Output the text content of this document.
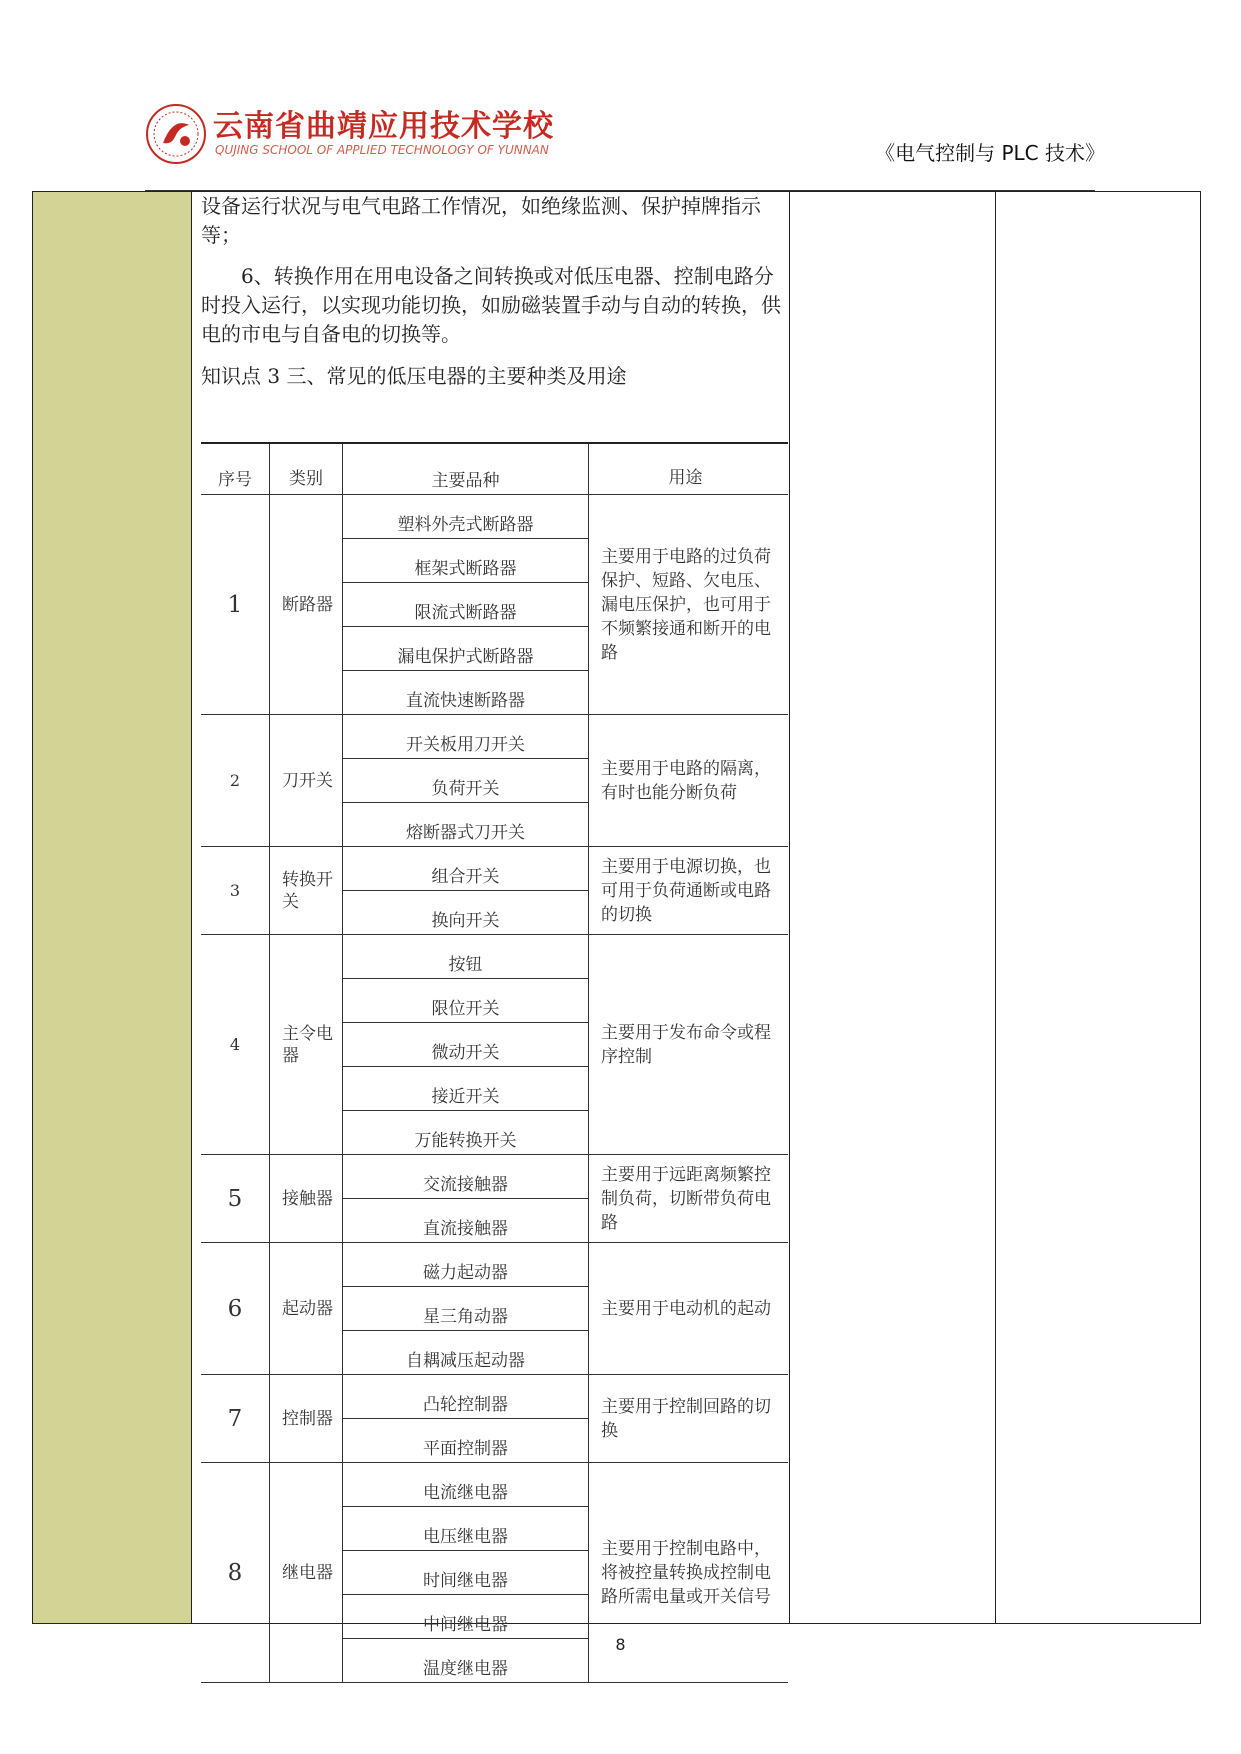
云南省曲靖应用技术学校
QUJING SCHOOL OF APPLIED TECHNOLOGY OF YUNNAN	《电气控制与 PLC 技术》

设备运行状况与电气电路工作情况，如绝缘监测、保护掉牌指示等；

6、转换作用在用电设备之间转换或对低压电器、控制电路分时投入运行，以实现功能切换，如励磁装置手动与自动的转换，供电的市电与自备电的切换等。

知识点 3 三、常见的低压电器的主要种类及用途

序号	类别	主要品种	用途
1	断路器	塑料外壳式断路器	主要用于电路的过负荷保护、短路、欠电压、漏电压保护，也可用于不频繁接通和断开的电路
		框架式断路器	
		限流式断路器	
		漏电保护式断路器	
		直流快速断路器	
2	刀开关	开关板用刀开关	主要用于电路的隔离，有时也能分断负荷
		负荷开关	
		熔断器式刀开关	
3	转换开关	组合开关	主要用于电源切换，也可用于负荷通断或电路的切换
		换向开关	
4	主令电器	按钮	主要用于发布命令或程序控制
		限位开关	
		微动开关	
		接近开关	
		万能转换开关	
5	接触器	交流接触器	主要用于远距离频繁控制负荷，切断带负荷电路
		直流接触器	
6	起动器	磁力起动器	主要用于电动机的起动
		星三角动器	
		自耦减压起动器	
7	控制器	凸轮控制器	主要用于控制回路的切换
		平面控制器	
8	继电器	电流继电器	主要用于控制电路中，将被控量转换成控制电路所需电量或开关信号
		电压继电器	
		时间继电器	
		中间继电器	
		温度继电器	
8
